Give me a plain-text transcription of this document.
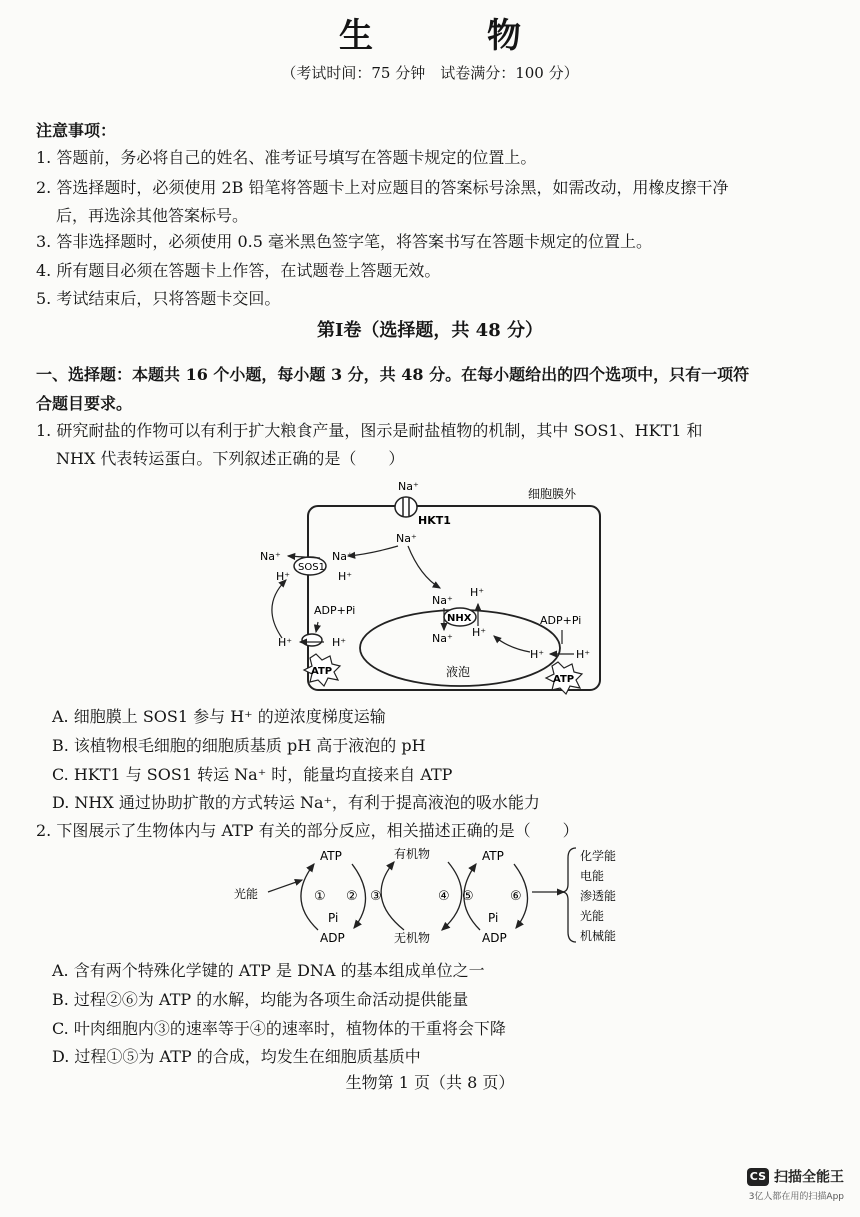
生　物
（考试时间：75 分钟　试卷满分：100 分）
注意事项：
1. 答题前，务必将自己的姓名、准考证号填写在答题卡规定的位置上。
2. 答选择题时，必须使用 2B 铅笔将答题卡上对应题目的答案标号涂黑，如需改动，用橡皮擦干净
后，再选涂其他答案标号。
3. 答非选择题时，必须使用 0.5 毫米黑色签字笔，将答案书写在答题卡规定的位置上。
4. 所有题目必须在答题卡上作答，在试题卷上答题无效。
5. 考试结束后，只将答题卡交回。
第Ⅰ卷（选择题，共 48 分）
一、选择题：本题共 16 个小题，每小题 3 分，共 48 分。在每小题给出的四个选项中，只有一项符
合题目要求。
1. 研究耐盐的作物可以有利于扩大粮食产量，图示是耐盐植物的机制，其中 SOS1、HKT1 和
NHX 代表转运蛋白。下列叙述正确的是（　　）
细胞膜外
Na⁺
HKT1
Na⁺
SOS1
Na⁺	Na⁺
H⁺	H⁺
H⁺	H⁺
ADP+Pi
ATP	液泡
NHX
Na⁺
Na⁺
H⁺
H⁺
ADP+Pi
H⁺	H⁺
ATP
A. 细胞膜上 SOS1 参与 H⁺ 的逆浓度梯度运输
B. 该植物根毛细胞的细胞质基质 pH 高于液泡的 pH
C. HKT1 与 SOS1 转运 Na⁺ 时，能量均直接来自 ATP
D. NHX 通过协助扩散的方式转运 Na⁺，有利于提高液泡的吸水能力
2. 下图展示了生物体内与 ATP 有关的部分反应，相关描述正确的是（　　）
ATP
ADP
Pi
光能	① ②
有机物
无机物
③	④
ATP
ADP
Pi
⑤	⑥
化学能
电能
渗透能
光能
机械能
A. 含有两个特殊化学键的 ATP 是 DNA 的基本组成单位之一
B. 过程②⑥为 ATP 的水解，均能为各项生命活动提供能量
C. 叶肉细胞内③的速率等于④的速率时，植物体的干重将会下降
D. 过程①⑤为 ATP 的合成，均发生在细胞质基质中
生物第 1 页（共 8 页）
CS 扫描全能王
3亿人都在用的扫描App
